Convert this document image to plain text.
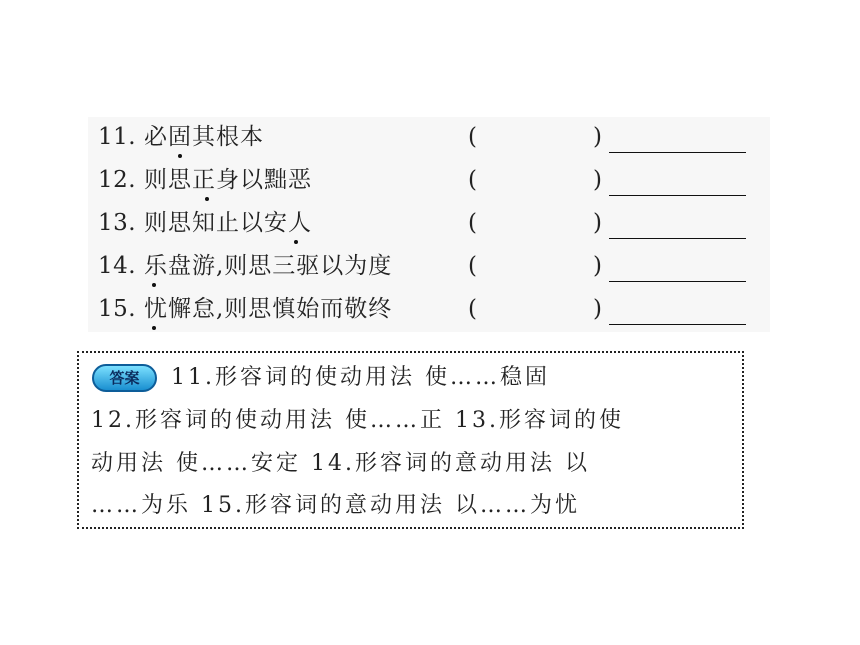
11. 必固其根本	(	)
12. 则思正身以黜恶	(	)
13. 则思知止以安人	(	)
14. 乐盘游,则思三驱以为度	(	)
15. 忧懈怠,则思慎始而敬终	(	)
答案	11.形容词的使动用法 使……稳固
12.形容词的使动用法 使……正 13.形容词的使
动用法 使……安定 14.形容词的意动用法 以
……为乐 15.形容词的意动用法 以……为忧
